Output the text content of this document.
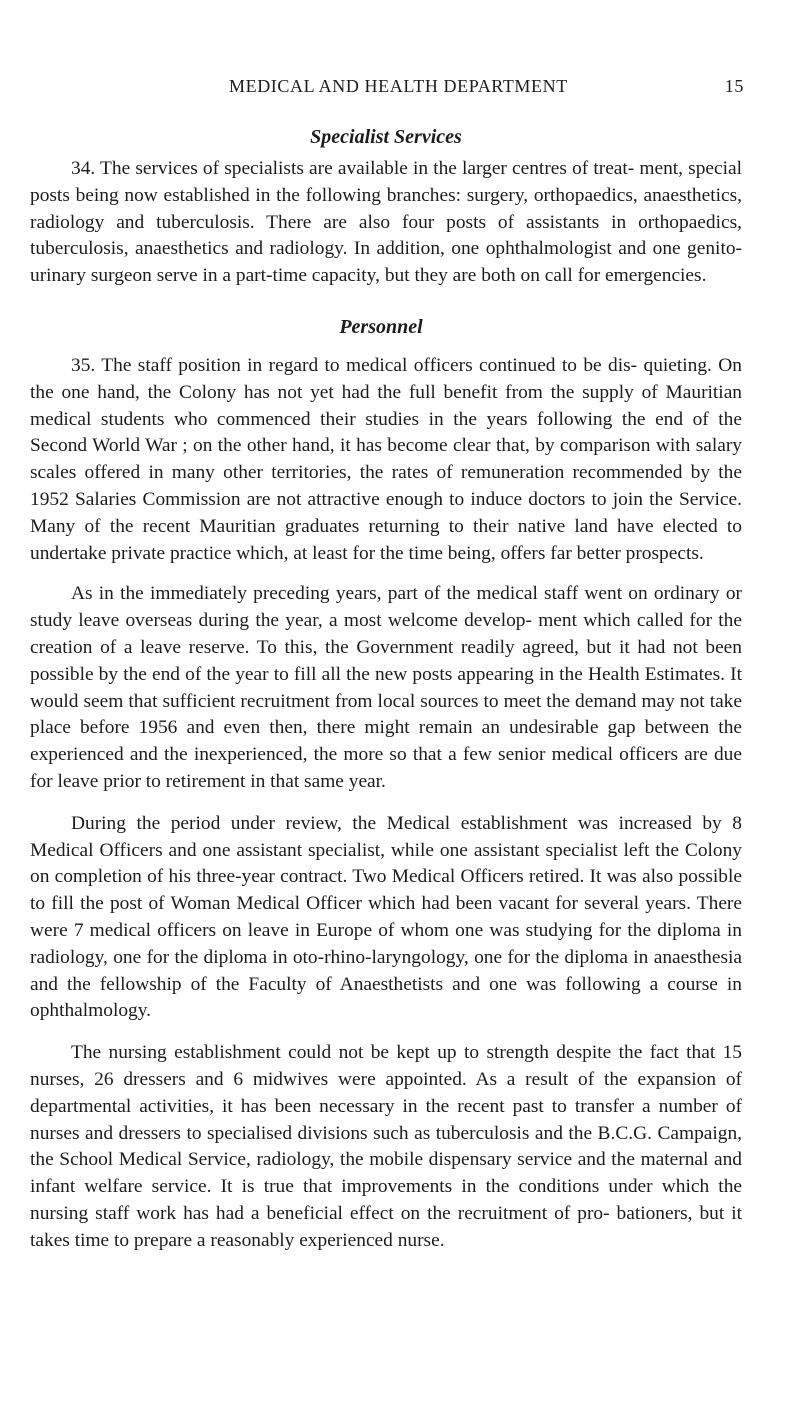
MEDICAL AND HEALTH DEPARTMENT	15
Specialist Services

34. The services of specialists are available in the larger centres of treat- ment, special posts being now established in the following branches: surgery, orthopaedics, anaesthetics, radiology and tuberculosis. There are also four posts of assistants in orthopaedics, tuberculosis, anaesthetics and radiology. In addition, one ophthalmologist and one genito-urinary surgeon serve in a part-time capacity, but they are both on call for emergencies.

Personnel

35. The staff position in regard to medical officers continued to be dis- quieting. On the one hand, the Colony has not yet had the full benefit from the supply of Mauritian medical students who commenced their studies in the years following the end of the Second World War ; on the other hand, it has become clear that, by comparison with salary scales offered in many other territories, the rates of remuneration recommended by the 1952 Salaries Commission are not attractive enough to induce doctors to join the Service. Many of the recent Mauritian graduates returning to their native land have elected to undertake private practice which, at least for the time being, offers far better prospects.

As in the immediately preceding years, part of the medical staff went on ordinary or study leave overseas during the year, a most welcome develop- ment which called for the creation of a leave reserve. To this, the Government readily agreed, but it had not been possible by the end of the year to fill all the new posts appearing in the Health Estimates. It would seem that sufficient recruitment from local sources to meet the demand may not take place before 1956 and even then, there might remain an undesirable gap between the experienced and the inexperienced, the more so that a few senior medical officers are due for leave prior to retirement in that same year.

During the period under review, the Medical establishment was increased by 8 Medical Officers and one assistant specialist, while one assistant specialist left the Colony on completion of his three-year contract. Two Medical Officers retired. It was also possible to fill the post of Woman Medical Officer which had been vacant for several years. There were 7 medical officers on leave in Europe of whom one was studying for the diploma in radiology, one for the diploma in oto-rhino-laryngology, one for the diploma in anaesthesia and the fellowship of the Faculty of Anaesthetists and one was following a course in ophthalmology.

The nursing establishment could not be kept up to strength despite the fact that 15 nurses, 26 dressers and 6 midwives were appointed. As a result of the expansion of departmental activities, it has been necessary in the recent past to transfer a number of nurses and dressers to specialised divisions such as tuberculosis and the B.C.G. Campaign, the School Medical Service, radiology, the mobile dispensary service and the maternal and infant welfare service. It is true that improvements in the conditions under which the nursing staff work has had a beneficial effect on the recruitment of pro- bationers, but it takes time to prepare a reasonably experienced nurse.
